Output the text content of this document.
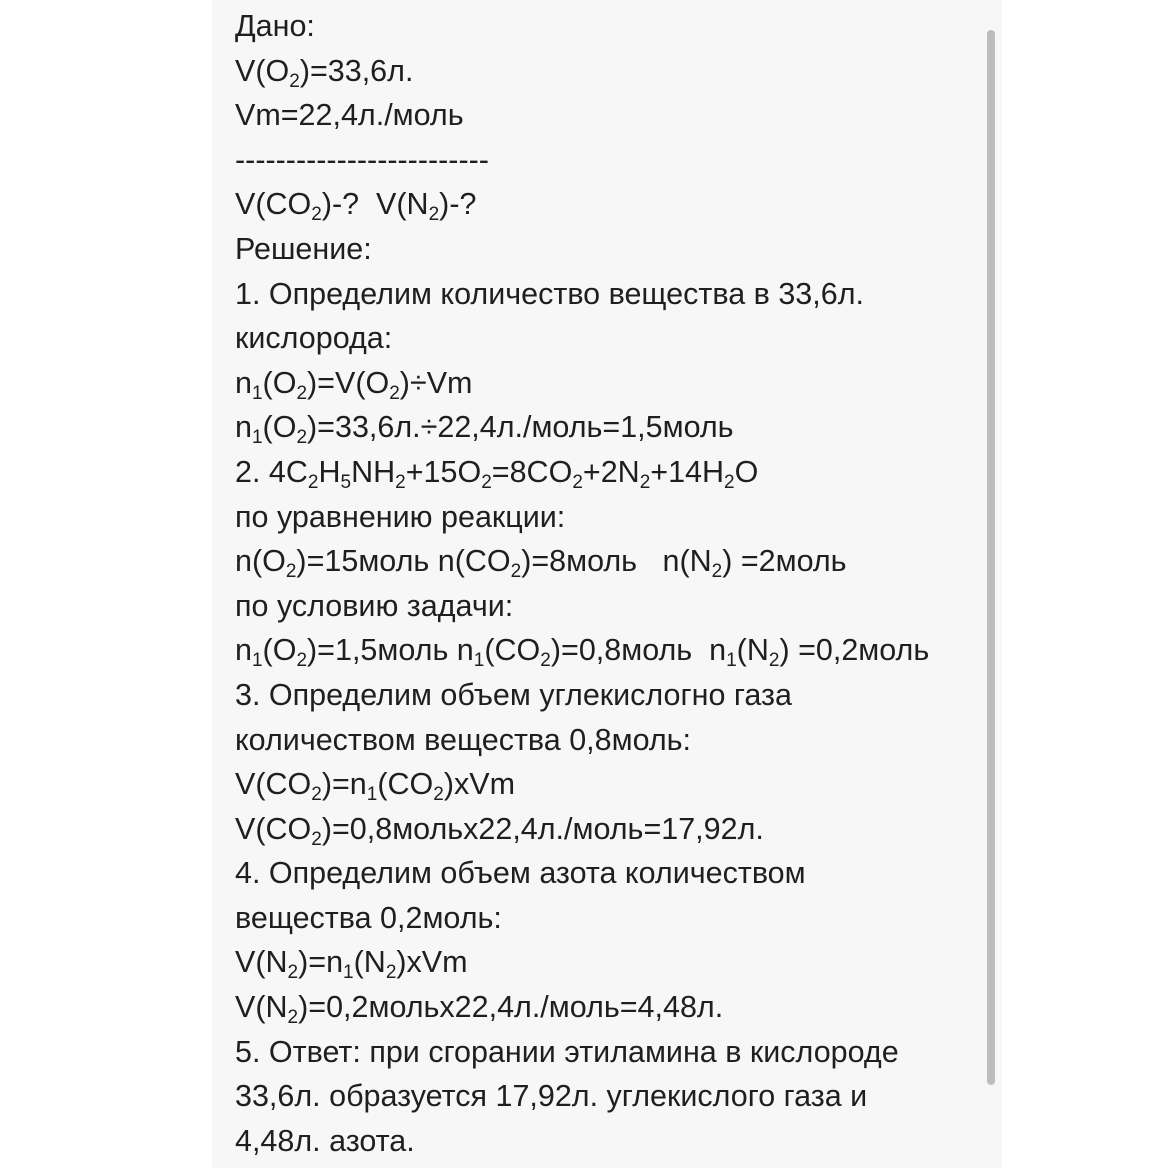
Дано:
$V(O_2)=33,6л$.
Vm=22,4л./моль
-------------------------
$V(CO_2)-$?  $V(N_2)-$?
Решение:
1. Определим количество вещества в 33,6л.
кислорода:
$n_1(O_2)=V(O_2)\div Vm$
$n_1(O_2)=33,6л.\div 22,4л./моль=1,5моль$
2. $4C_2H_5NH_2+15O_2=8CO_2+2N_2+14H_2O$
по уравнению реакции:
$n(O_2)=15моль$ $n(CO_2)=8моль$   $n(N_2)$ =2моль
по условию задачи:
$n_1(O_2)=1,5моль$ $n_1(CO_2)=0,8моль$  $n_1(N_2)$ =0,2моль
3. Определим объем углекислогно газа
количеством вещества 0,8моль:
$V(CO_2)=n_1(CO_2)xVm$
$V(CO_2)=0,8мольх22,4л./моль=17,92л$.
4. Определим объем азота количеством
вещества 0,2моль:
$V(N_2)=n_1(N_2)xVm$
$V(N_2)=0,2мольх22,4л./моль=4,48л$.
5. Ответ: при сгорании этиламина в кислороде
33,6л. образуется 17,92л. углекислого газа и
4,48л. азота.
